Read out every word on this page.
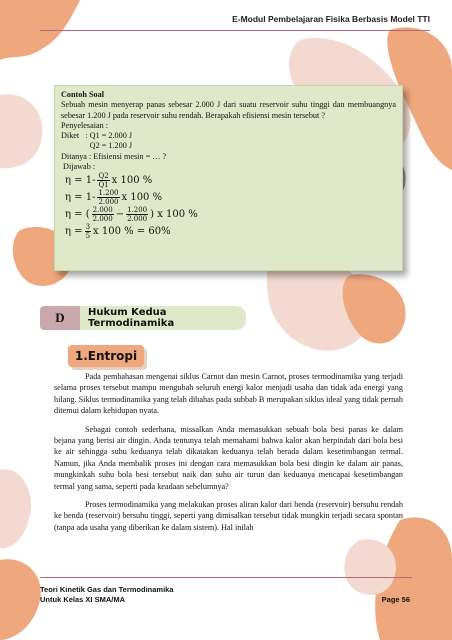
E-Modul Pembelajaran Fisika Berbasis Model TTI
Contoh Soal
Sebuah mesin menyerap panas sebesar 2.000 J dari suatu reservoir suhu tinggi dan membuangnya sebesar 1.200 J pada reservoir suhu rendah. Berapakah efisiensi mesin tersebut ?
Penyelesaian :
Diket   : Q1 = 2.000 J
Q2 = 1.200 J
Ditanya : Efisiensi mesin = … ?
Dijawab :
$\eta = 1- \frac{Q2}{Q1}$ x 100 %
$\eta = 1- \frac{1.200}{2.000}$ x 100 %
η = ( $\frac{2.000}{2.000} - \frac{1.200}{2.000}$ ) x 100 %
$\eta = \frac{3}{5}$ x 100 % = 60%
Hukum Kedua Termodinamika
D
1.Entropi

Pada pembahasan mengenai siklus Carnot dan mesin Carnot, proses termodinamika yang terjadi selama proses tersebut mampu mengubah seluruh energi kalor menjadi usaha dan tidak ada energi yang hilang. Siklus termodinamika yang telah dibahas pada subbab B merupakan siklus ideal yang tidak pernah ditemui dalam kehidupan nyata.

Sebagai contoh sederhana, missalkan Anda memasukkan sebuah bola besi panas ke dalam bejana yang berisi air dingin. Anda tentunya telah memahami bahwa kalor akan berpindah dari bola besi ke air sehingga suhu keduanya telah dikatakan keduanya telah berada dalam kesetimbangan termal. Namun, jika Anda membalik proses ini dengan cara memasukkan bola besi dingin ke dalam air panas, mungkinkah suhu bola besi tersebut naik dan suhu air turun dan keduanya mencapai kesetimbangan termal yang sama, seperti pada keadaan sebelumnya?

Proses termodinamika yang melakukan proses aliran kalor dari benda (reservoir) bersuhu rendah ke benda (reservoir) bersuhu tinggi, seperti yang dimisalkan tersebut tidak mungkin terjadi secara spontan (tanpa ada usaha yang diberikan ke dalam sistem). Hal inilah

Teori Kinetik Gas dan Termodinamika
Untuk Kelas XI SMA/MA	Page 56
